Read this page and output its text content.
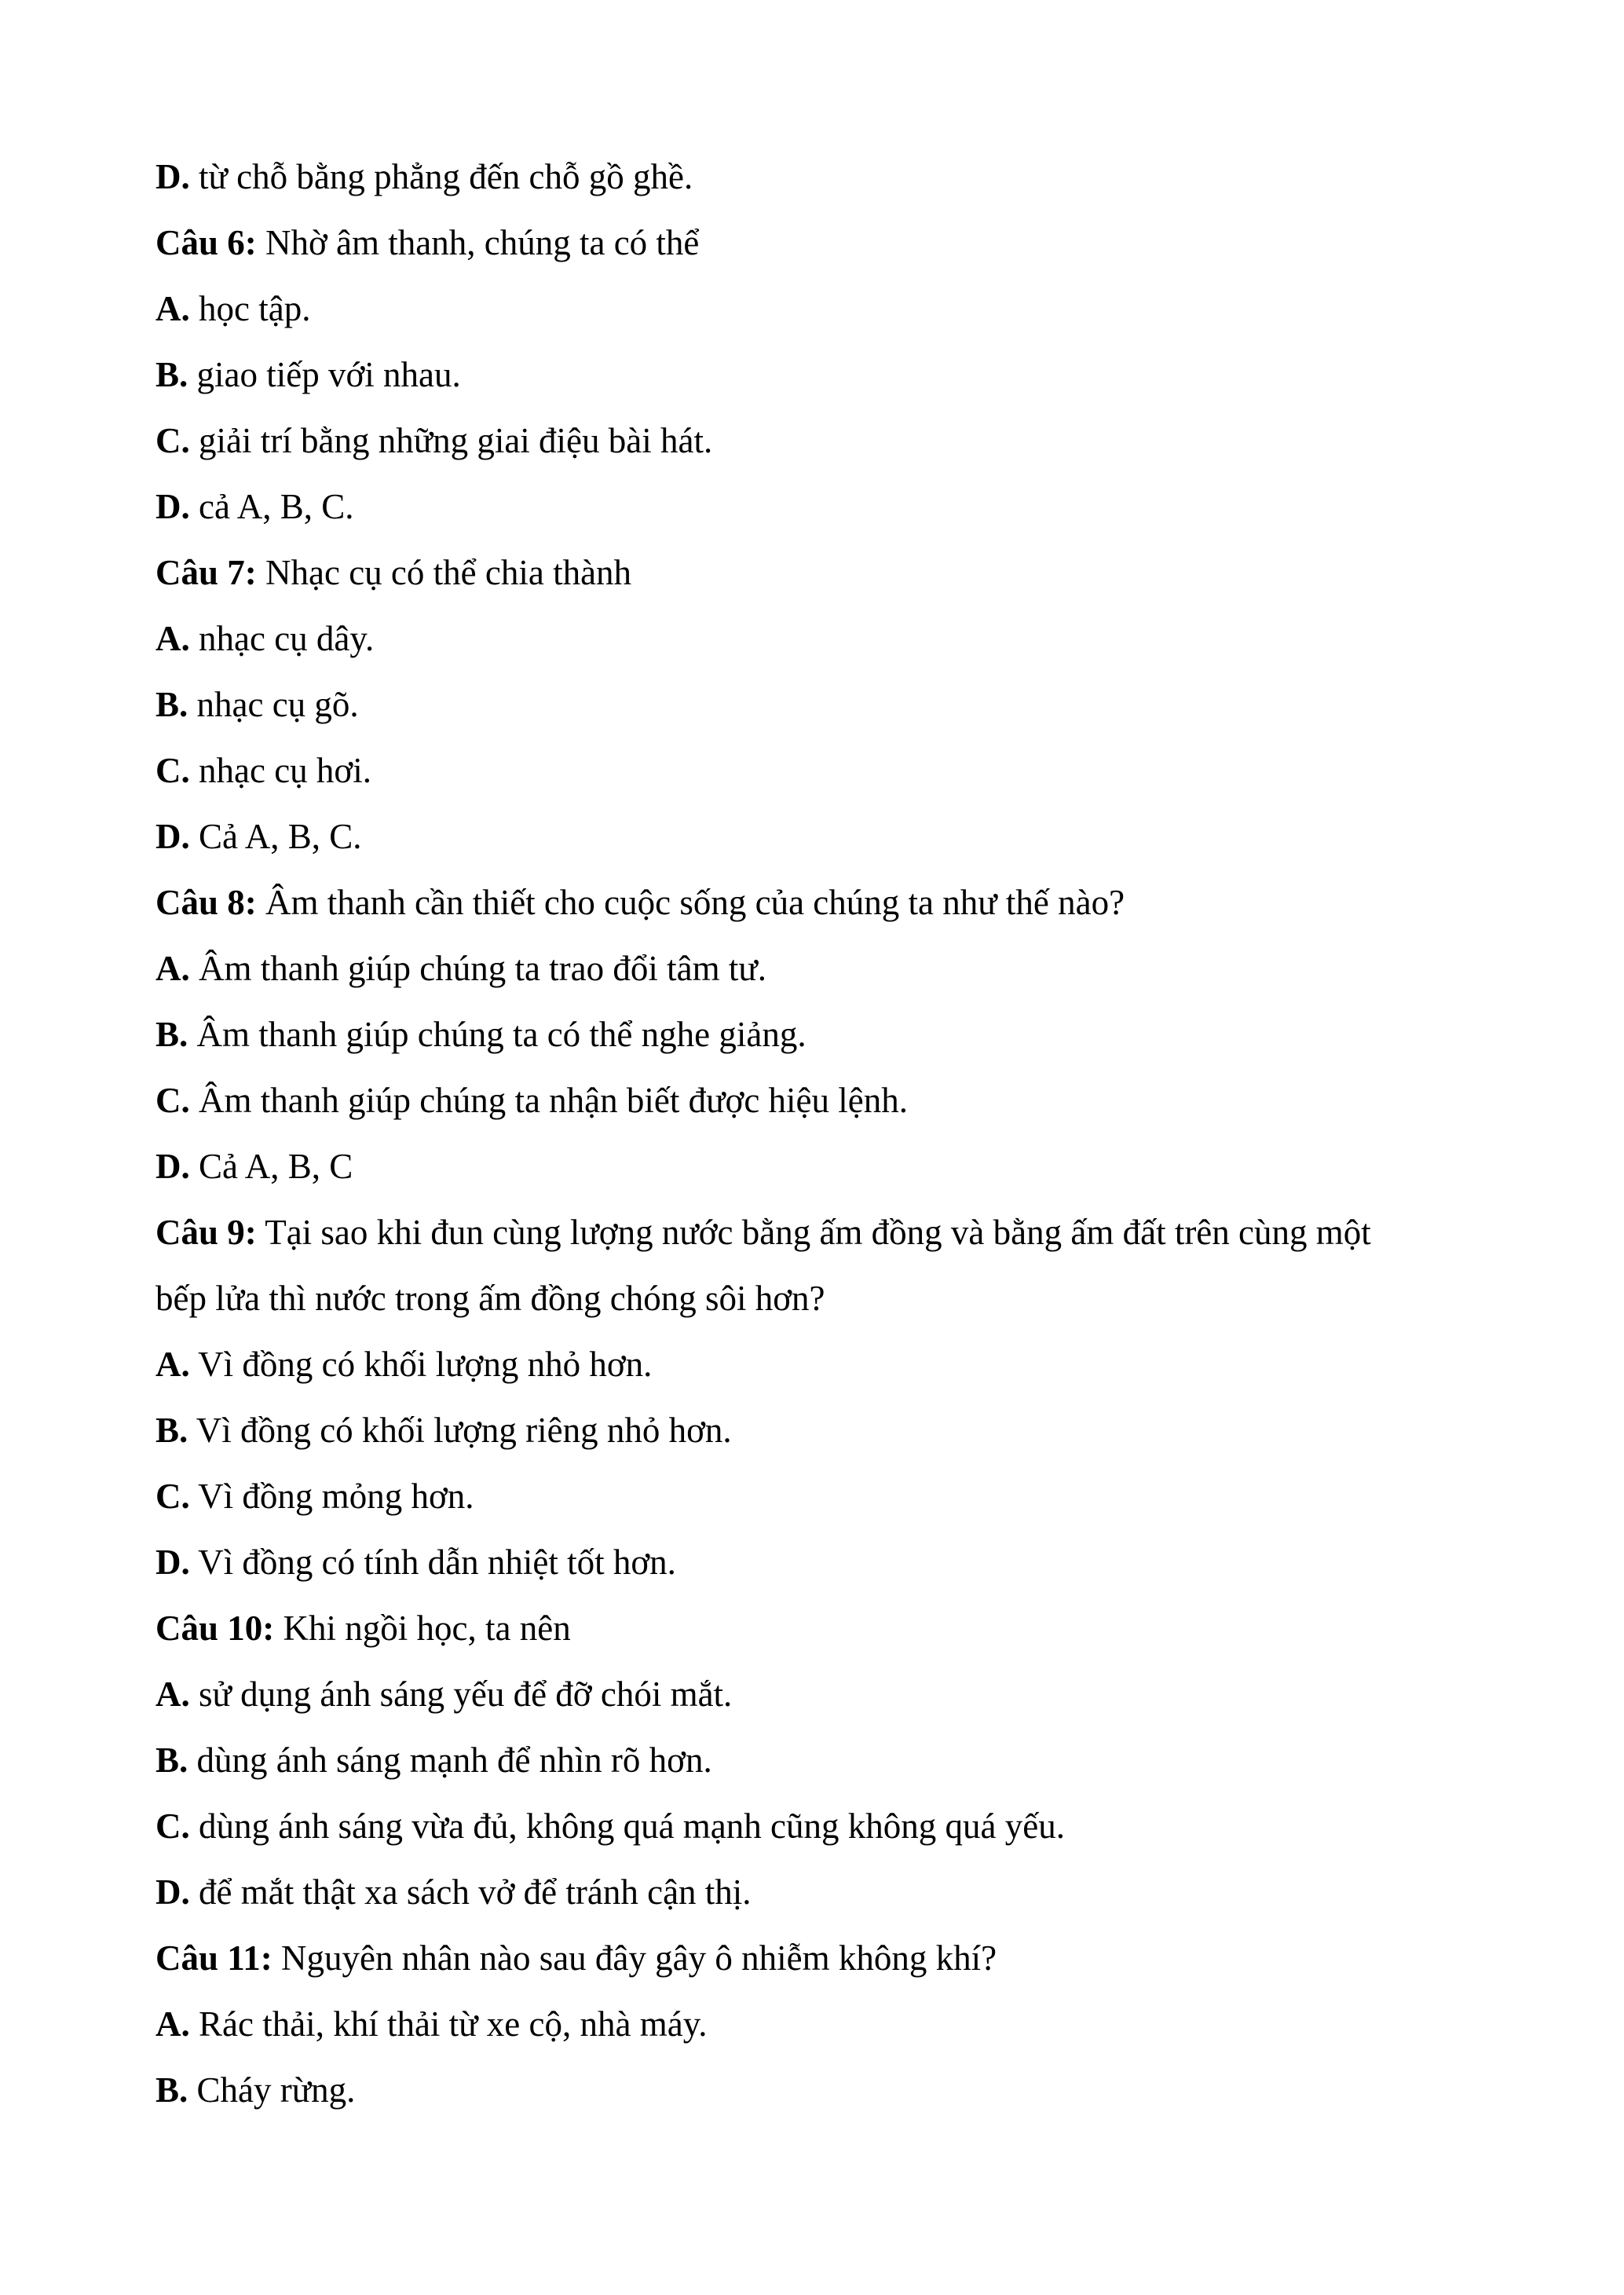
D. từ chỗ bằng phẳng đến chỗ gồ ghề.
Câu 6: Nhờ âm thanh, chúng ta có thể
A. học tập.
B. giao tiếp với nhau.
C. giải trí bằng những giai điệu bài hát.
D. cả A, B, C.
Câu 7: Nhạc cụ có thể chia thành
A. nhạc cụ dây.
B. nhạc cụ gõ.
C. nhạc cụ hơi.
D. Cả A, B, C.
Câu 8: Âm thanh cần thiết cho cuộc sống của chúng ta như thế nào?
A. Âm thanh giúp chúng ta trao đổi tâm tư.
B. Âm thanh giúp chúng ta có thể nghe giảng.
C. Âm thanh giúp chúng ta nhận biết được hiệu lệnh.
D. Cả A, B, C
Câu 9: Tại sao khi đun cùng lượng nước bằng ấm đồng và bằng ấm đất trên cùng một
bếp lửa thì nước trong ấm đồng chóng sôi hơn?
A. Vì đồng có khối lượng nhỏ hơn.
B. Vì đồng có khối lượng riêng nhỏ hơn.
C. Vì đồng mỏng hơn.
D. Vì đồng có tính dẫn nhiệt tốt hơn.
Câu 10: Khi ngồi học, ta nên
A. sử dụng ánh sáng yếu để đỡ chói mắt.
B. dùng ánh sáng mạnh để nhìn rõ hơn.
C. dùng ánh sáng vừa đủ, không quá mạnh cũng không quá yếu.
D. để mắt thật xa sách vở để tránh cận thị.
Câu 11: Nguyên nhân nào sau đây gây ô nhiễm không khí?
A. Rác thải, khí thải từ xe cộ, nhà máy.
B. Cháy rừng.
